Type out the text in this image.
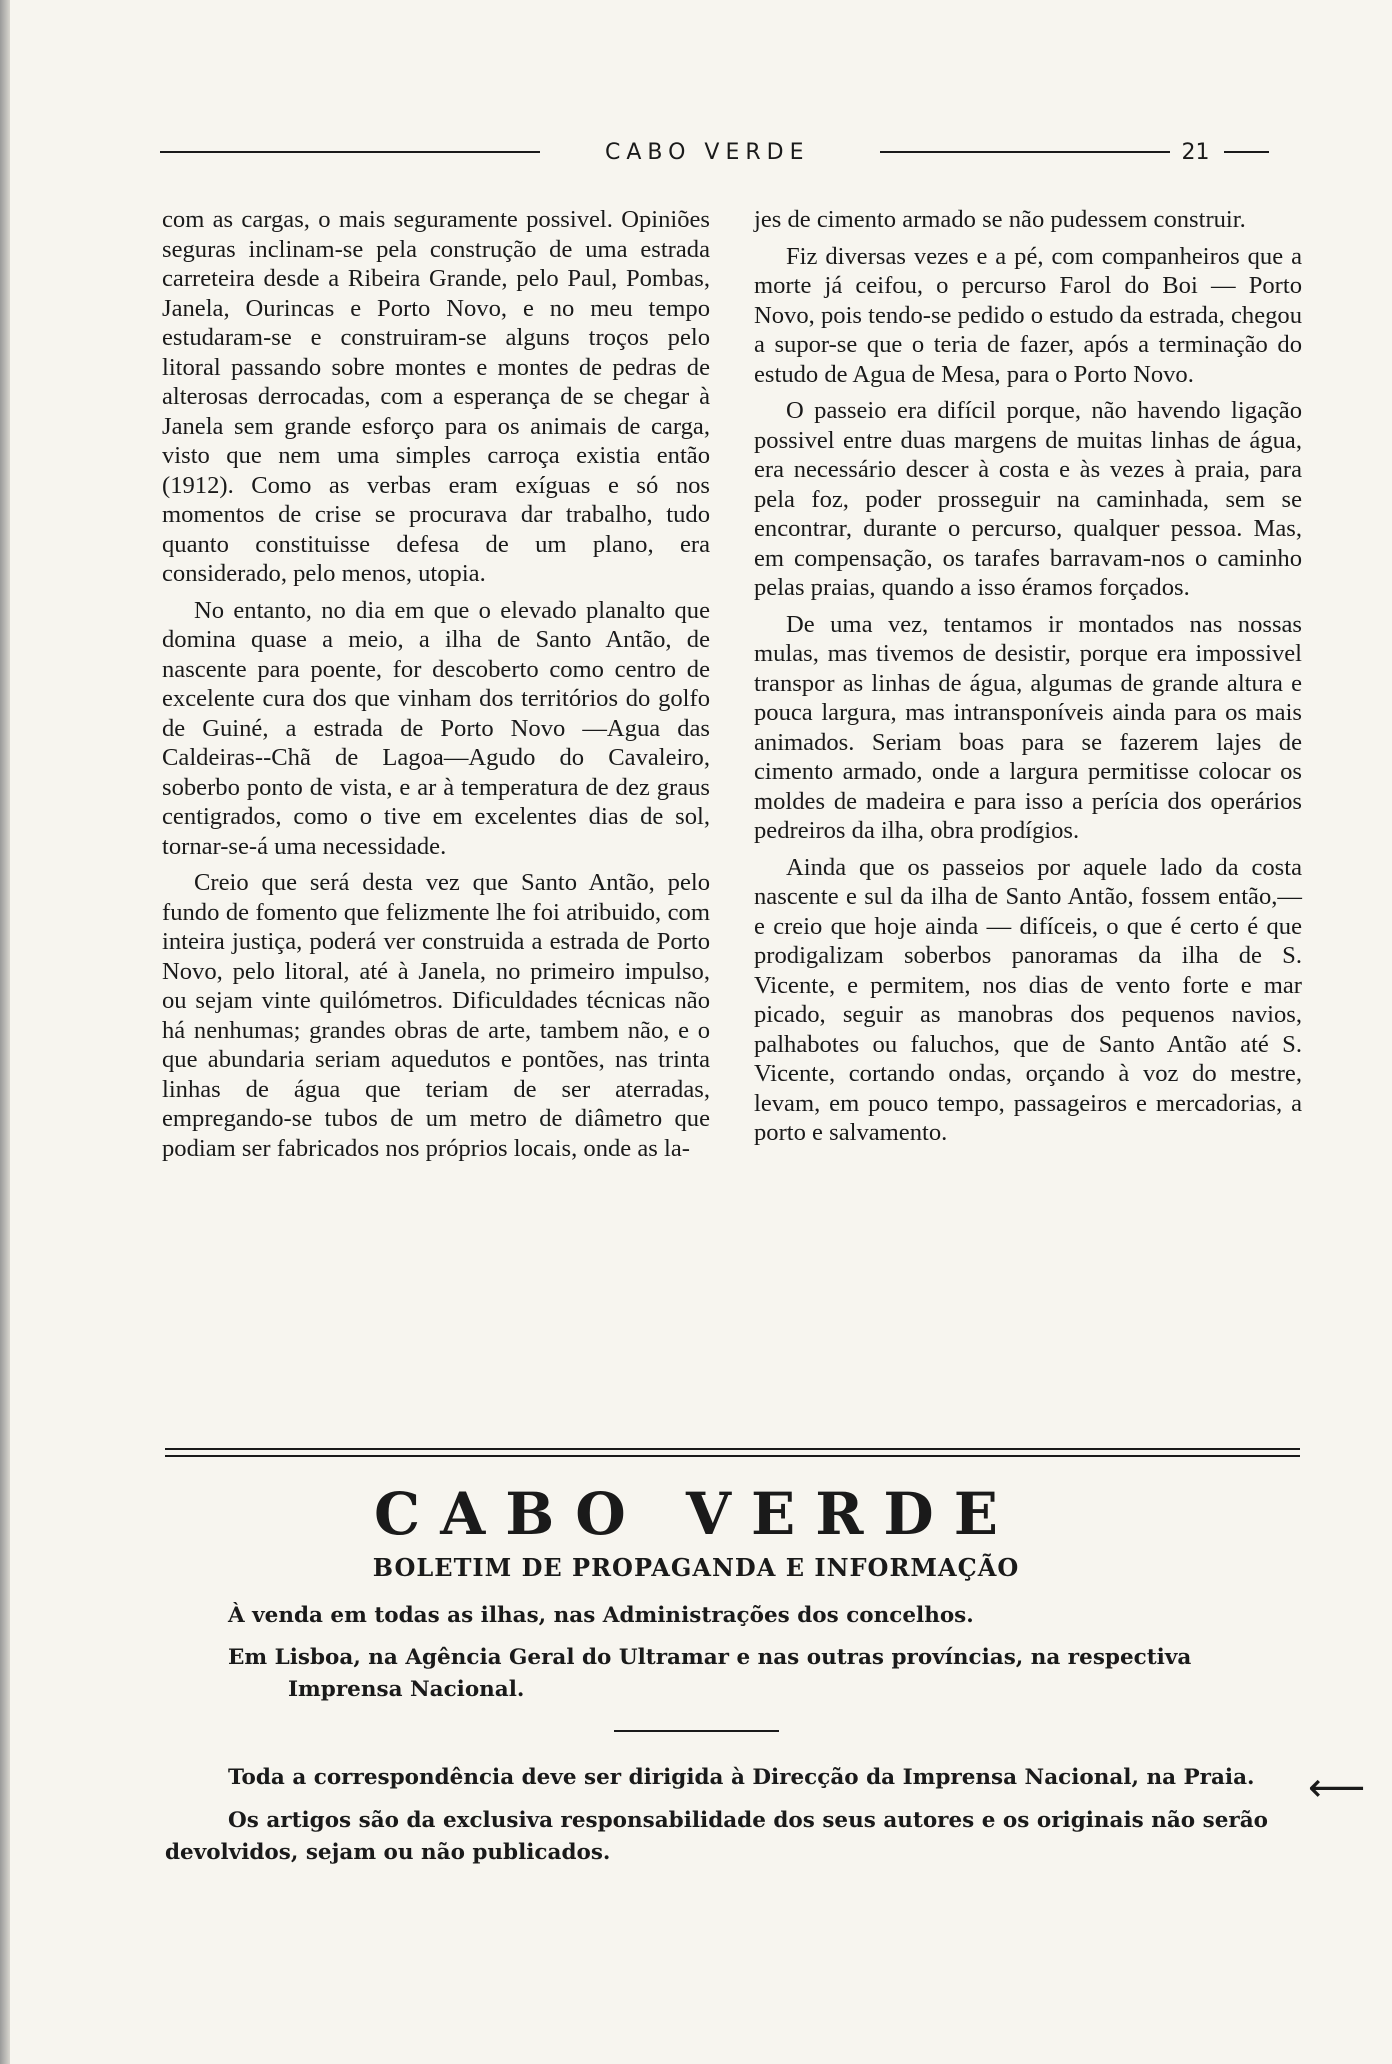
CABO VERDE	21

com as cargas, o mais seguramente possivel. Opiniões seguras inclinam-se pela construção de uma estrada carreteira desde a Ribeira Grande, pelo Paul, Pombas, Janela, Ourincas e Porto Novo, e no meu tempo estudaram-se e construiram-se alguns troços pelo litoral passando sobre montes e montes de pedras de alterosas derrocadas, com a esperança de se chegar à Janela sem grande esforço para os animais de carga, visto que nem uma simples carroça existia então (1912). Como as verbas eram exíguas e só nos momentos de crise se procurava dar trabalho, tudo quanto constituisse defesa de um plano, era considerado, pelo menos, utopia.

No entanto, no dia em que o elevado planalto que domina quase a meio, a ilha de Santo Antão, de nascente para poente, for descoberto como centro de excelente cura dos que vinham dos territórios do golfo de Guiné, a estrada de Porto Novo —Agua das Caldeiras--Chã de Lagoa—Agudo do Cavaleiro, soberbo ponto de vista, e ar à temperatura de dez graus centigrados, como o tive em excelentes dias de sol, tornar-se-á uma necessidade.

Creio que será desta vez que Santo Antão, pelo fundo de fomento que felizmente lhe foi atribuido, com inteira justiça, poderá ver construida a estrada de Porto Novo, pelo litoral, até à Janela, no primeiro impulso, ou sejam vinte quilómetros. Dificuldades técnicas não há nenhumas; grandes obras de arte, tambem não, e o que abundaria seriam aquedutos e pontões, nas trinta linhas de água que teriam de ser aterradas, empregando-se tubos de um metro de diâmetro que podiam ser fabricados nos próprios locais, onde as la-

jes de cimento armado se não pudessem construir.

Fiz diversas vezes e a pé, com companheiros que a morte já ceifou, o percurso Farol do Boi — Porto Novo, pois tendo-se pedido o estudo da estrada, chegou a supor-se que o teria de fazer, após a terminação do estudo de Agua de Mesa, para o Porto Novo.

O passeio era difícil porque, não havendo ligação possivel entre duas margens de muitas linhas de água, era necessário descer à costa e às vezes à praia, para pela foz, poder prosseguir na caminhada, sem se encontrar, durante o percurso, qualquer pessoa. Mas, em compensação, os tarafes barravam-nos o caminho pelas praias, quando a isso éramos forçados.

De uma vez, tentamos ir montados nas nossas mulas, mas tivemos de desistir, porque era impossivel transpor as linhas de água, algumas de grande altura e pouca largura, mas intransponíveis ainda para os mais animados. Seriam boas para se fazerem lajes de cimento armado, onde a largura permitisse colocar os moldes de madeira e para isso a perícia dos operários pedreiros da ilha, obra prodígios.

Ainda que os passeios por aquele lado da costa nascente e sul da ilha de Santo Antão, fossem então,— e creio que hoje ainda — difíceis, o que é certo é que prodigalizam soberbos panoramas da ilha de S. Vicente, e permitem, nos dias de vento forte e mar picado, seguir as manobras dos pequenos navios, palhabotes ou faluchos, que de Santo Antão até S. Vicente, cortando ondas, orçando à voz do mestre, levam, em pouco tempo, passageiros e mercadorias, a porto e salvamento.

CABO VERDE
BOLETIM DE PROPAGANDA E INFORMAÇÃO
À venda em todas as ilhas, nas Administrações dos concelhos.
Em Lisboa, na Agência Geral do Ultramar e nas outras províncias, na respectiva
Imprensa Nacional.
Toda a correspondência deve ser dirigida à Direcção da Imprensa Nacional, na Praia.	⟵
Os artigos são da exclusiva responsabilidade dos seus autores e os originais não serão
devolvidos, sejam ou não publicados.
